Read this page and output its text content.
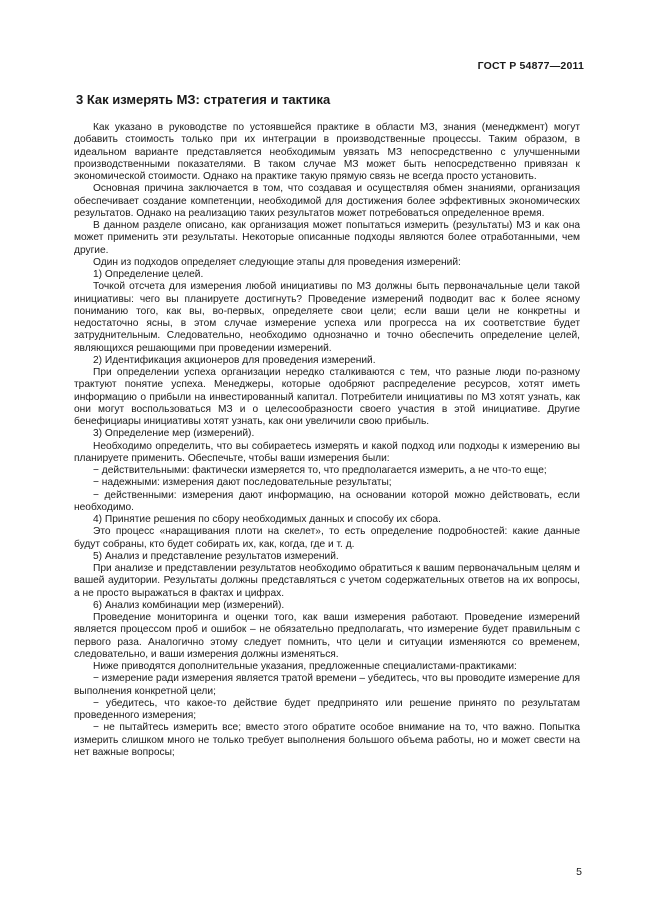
ГОСТ Р 54877—2011
3 Как измерять МЗ: стратегия и тактика

Как указано в руководстве по устоявшейся практике в области МЗ, знания (менеджмент) могут добавить стоимость только при их интеграции в производственные процессы. Таким образом, в идеальном варианте представляется необходимым увязать МЗ непосредственно с улучшенными производственными показателями. В таком случае МЗ может быть непосредственно привязан к экономической стоимости. Однако на практике такую прямую связь не всегда просто установить.

Основная причина заключается в том, что создавая и осуществляя обмен знаниями, организация обеспечивает создание компетенции, необходимой для достижения более эффективных экономических результатов. Однако на реализацию таких результатов может потребоваться определенное время.

В данном разделе описано, как организация может попытаться измерить (результаты) МЗ и как она может применить эти результаты. Некоторые описанные подходы являются более отработанными, чем другие.

Один из подходов определяет следующие этапы для проведения измерений:

1) Определение целей.

Точкой отсчета для измерения любой инициативы по МЗ должны быть первоначальные цели такой инициативы: чего вы планируете достигнуть? Проведение измерений подводит вас к более ясному пониманию того, как вы, во-первых, определяете свои цели; если ваши цели не конкретны и недостаточно ясны, в этом случае измерение успеха или прогресса на их соответствие будет затруднительным. Следовательно, необходимо однозначно и точно обеспечить определение целей, являющихся решающими при проведении измерений.

2) Идентификация акционеров для проведения измерений.

При определении успеха организации нередко сталкиваются с тем, что разные люди по-разному трактуют понятие успеха. Менеджеры, которые одобряют распределение ресурсов, хотят иметь информацию о прибыли на инвестированный капитал. Потребители инициативы по МЗ хотят узнать, как они могут воспользоваться МЗ и о целесообразности своего участия в этой инициативе. Другие бенефициары инициативы хотят узнать, как они увеличили свою прибыль.

3) Определение мер (измерений).

Необходимо определить, что вы собираетесь измерять и какой подход или подходы к измерению вы планируете применить. Обеспечьте, чтобы ваши измерения были:

− действительными: фактически измеряется то, что предполагается измерить, а не что-то еще;

− надежными: измерения дают последовательные результаты;

− действенными: измерения дают информацию, на основании которой можно действовать, если необходимо.

4) Принятие решения по сбору необходимых данных и способу их сбора.

Это процесс «наращивания плоти на скелет», то есть определение подробностей: какие данные будут собраны, кто будет собирать их, как, когда, где и т. д.

5) Анализ и представление результатов измерений.

При анализе и представлении результатов необходимо обратиться к вашим первоначальным целям и вашей аудитории. Результаты должны представляться с учетом содержательных ответов на их вопросы, а не просто выражаться в фактах и цифрах.

6) Анализ комбинации мер (измерений).

Проведение мониторинга и оценки того, как ваши измерения работают. Проведение измерений является процессом проб и ошибок – не обязательно предполагать, что измерение будет правильным с первого раза. Аналогично этому следует помнить, что цели и ситуации изменяются со временем, следовательно, и ваши измерения должны изменяться.

Ниже приводятся дополнительные указания, предложенные специалистами-практиками:

− измерение ради измерения является тратой времени – убедитесь, что вы проводите измерение для выполнения конкретной цели;

− убедитесь, что какое-то действие будет предпринято или решение принято по результатам проведенного измерения;

− не пытайтесь измерить все; вместо этого обратите особое внимание на то, что важно. Попытка измерить слишком много не только требует выполнения большого объема работы, но и может свести на нет важные вопросы;

5
